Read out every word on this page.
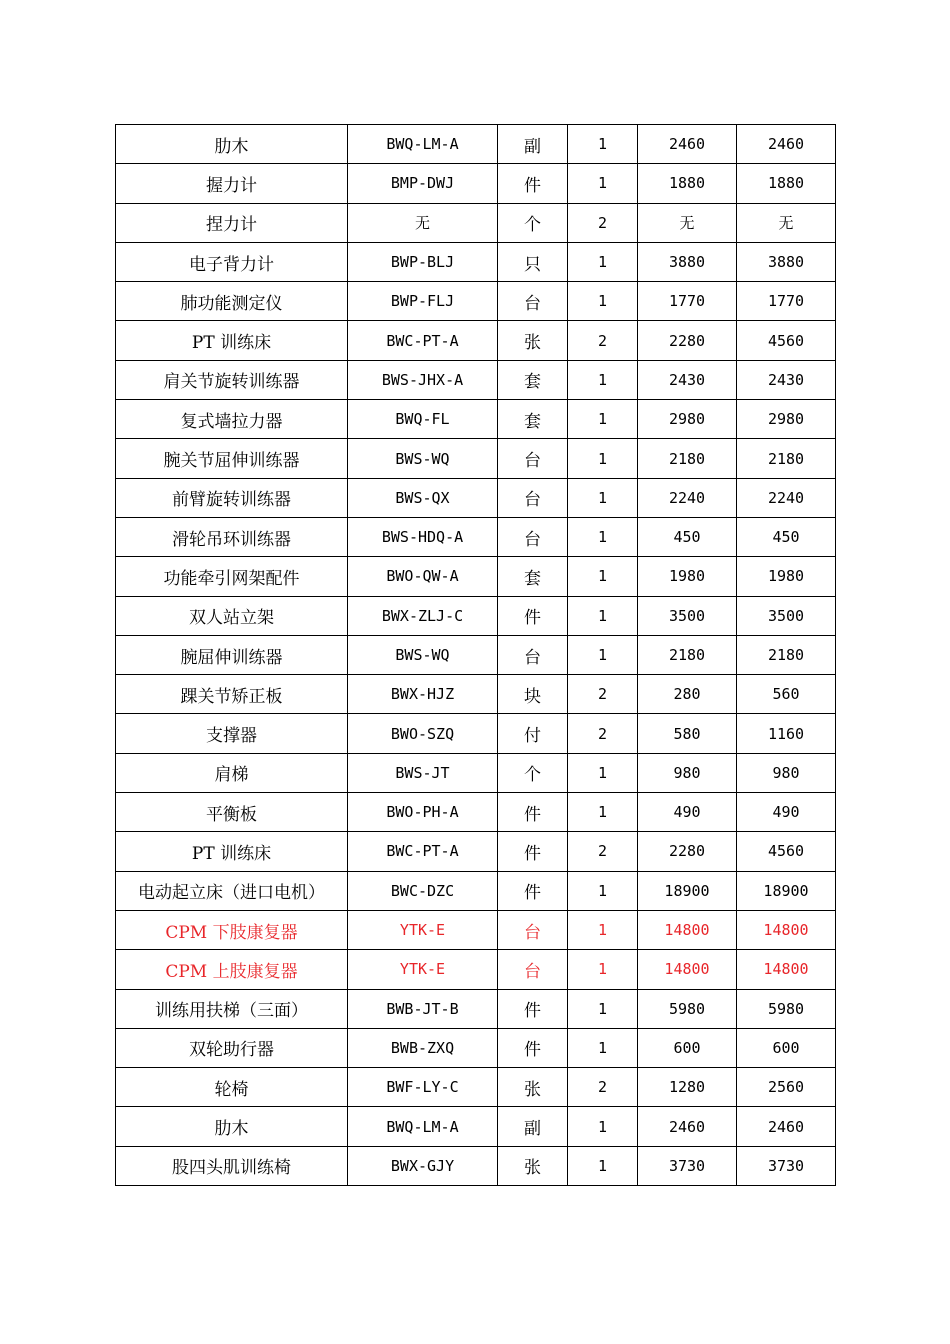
肋木	BWQ-LM-A	副	1	2460	2460
握力计	BMP-DWJ	件	1	1880	1880
捏力计	无	个	2	无	无
电子背力计	BWP-BLJ	只	1	3880	3880
肺功能测定仪	BWP-FLJ	台	1	1770	1770
PT 训练床	BWC-PT-A	张	2	2280	4560
肩关节旋转训练器	BWS-JHX-A	套	1	2430	2430
复式墙拉力器	BWQ-FL	套	1	2980	2980
腕关节屈伸训练器	BWS-WQ	台	1	2180	2180
前臂旋转训练器	BWS-QX	台	1	2240	2240
滑轮吊环训练器	BWS-HDQ-A	台	1	450	450
功能牵引网架配件	BWO-QW-A	套	1	1980	1980
双人站立架	BWX-ZLJ-C	件	1	3500	3500
腕屈伸训练器	BWS-WQ	台	1	2180	2180
踝关节矫正板	BWX-HJZ	块	2	280	560
支撑器	BWO-SZQ	付	2	580	1160
肩梯	BWS-JT	个	1	980	980
平衡板	BWO-PH-A	件	1	490	490
PT 训练床	BWC-PT-A	件	2	2280	4560
电动起立床（进口电机）	BWC-DZC	件	1	18900	18900
CPM 下肢康复器	YTK-E	台	1	14800	14800
CPM 上肢康复器	YTK-E	台	1	14800	14800
训练用扶梯（三面）	BWB-JT-B	件	1	5980	5980
双轮助行器	BWB-ZXQ	件	1	600	600
轮椅	BWF-LY-C	张	2	1280	2560
肋木	BWQ-LM-A	副	1	2460	2460
股四头肌训练椅	BWX-GJY	张	1	3730	3730
